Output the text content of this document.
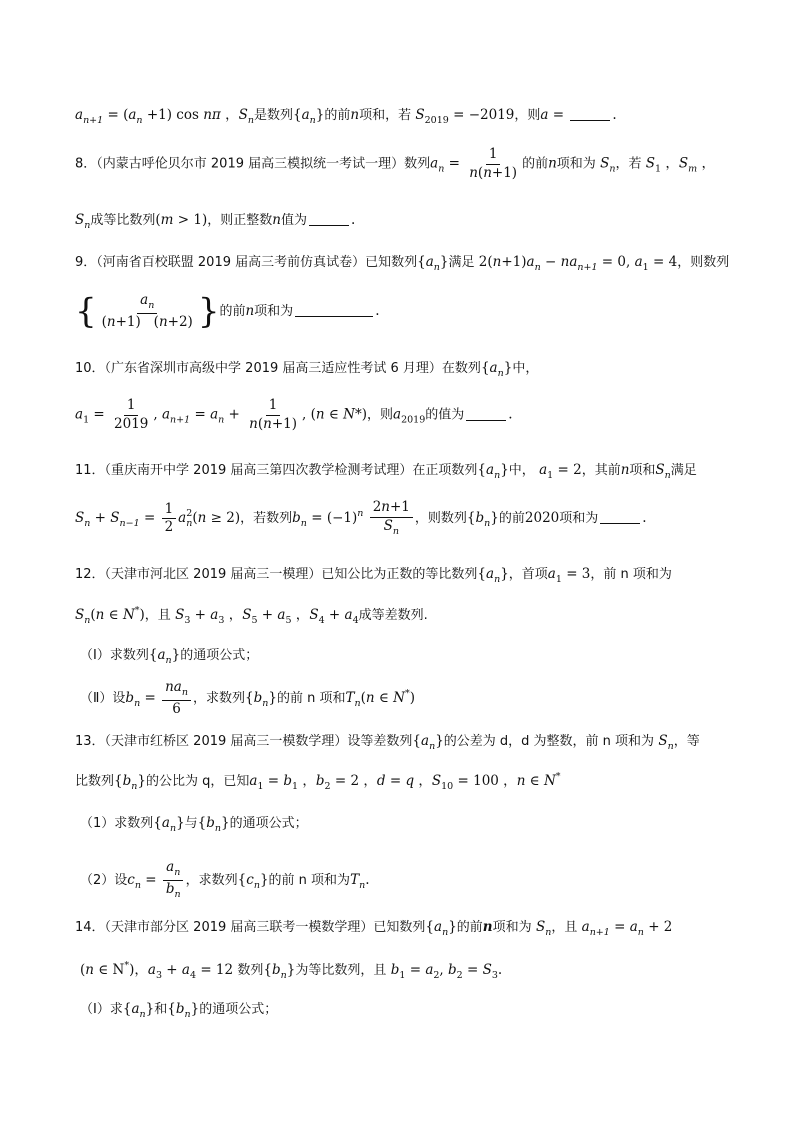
$a_{n+1} = (a_n +1)$ cos nπ ，$S_n$是数列$\{a_n\}$的前n项和，若 $S_{2019} = -2019$，则a =	.
8．（内蒙古呼伦贝尔市 2019 届高三模拟统一考试一理）数列$a_n = \frac{1}{n(n+1)}$ 的前n项和为 $S_n$，若 $S_1$ ，$S_m$ ，
$S_n$成等比数列(m > 1)，则正整数n值为	.
9．（河南省百校联盟 2019 届高三考前仿真试卷）已知数列$\{a_n\}$满足 $2(n+1)a_n - na_{n+1} = 0$, $a_1 = 4$，则数列
{ $\frac{a_n}{(n+1) (n+2)}$ }的前n项和为	.
10．（广东省深圳市高级中学 2019 届高三适应性考试 6 月理）在数列$\{a_n\}$中，
$a_1 = \frac{1}{2019}$ , $a_{n+1} = a_n + \frac{1}{n(n+1)}$ , (n ∈ N*)，则$a_{2019}$的值为	.
11．（重庆南开中学 2019 届高三第四次教学检测考试理）在正项数列$\{a_n\}$中， $a_1 = 2$，其前n项和$S_n$满足
$S_n + S_{n-1} = \frac{1}{2} a^2_n(n \ge 2)$，若数列$b_n = (-1)^n \frac{2n+1}{S_n}$ ，则数列$\{b_n\}$的前2020项和为	.
12．（天津市河北区 2019 届高三一模理）已知公比为正数的等比数列$\{a_n\}$，首项$a_1 = 3$，前 n 项和为
$S_n(n$ ∈ N*)，且 $S_3 + a_3$ ，$S_5 + a_5$ ，$S_4 + a_4$成等差数列.
（Ⅰ）求数列$\{a_n\}$的通项公式；
（Ⅱ）设$b_n = \frac{na_n}{6}$ ，求数列$\{b_n\}$的前 n 项和$T_n(n$ ∈ N*)
13．（天津市红桥区 2019 届高三一模数学理）设等差数列$\{a_n\}$的公差为 d，d 为整数，前 n 项和为 $S_n$，等
比数列$\{b_n\}$的公比为 q，已知$a_1 = b_1$ ，$b_2 = 2$ ，d = q ，$S_{10} = 100$ ，n ∈ N*
（1）求数列$\{a_n\}$与$\{b_n\}$的通项公式；
（2）设$c_n = \frac{a_n}{b_n}$ ，求数列$\{c_n\}$的前 n 项和为$T_n$.
14．（天津市部分区 2019 届高三联考一模数学理）已知数列$\{a_n\}$的前n项和为 $S_n$，且 $a_{n+1} = a_n + 2$
(n ∈ N*)，$a_3 + a_4 = 12$ 数列$\{b_n\}$为等比数列，且 $b_1 = a_2$, $b_2 = S_3$.
（Ⅰ）求$\{a_n\}$和$\{b_n\}$的通项公式；
